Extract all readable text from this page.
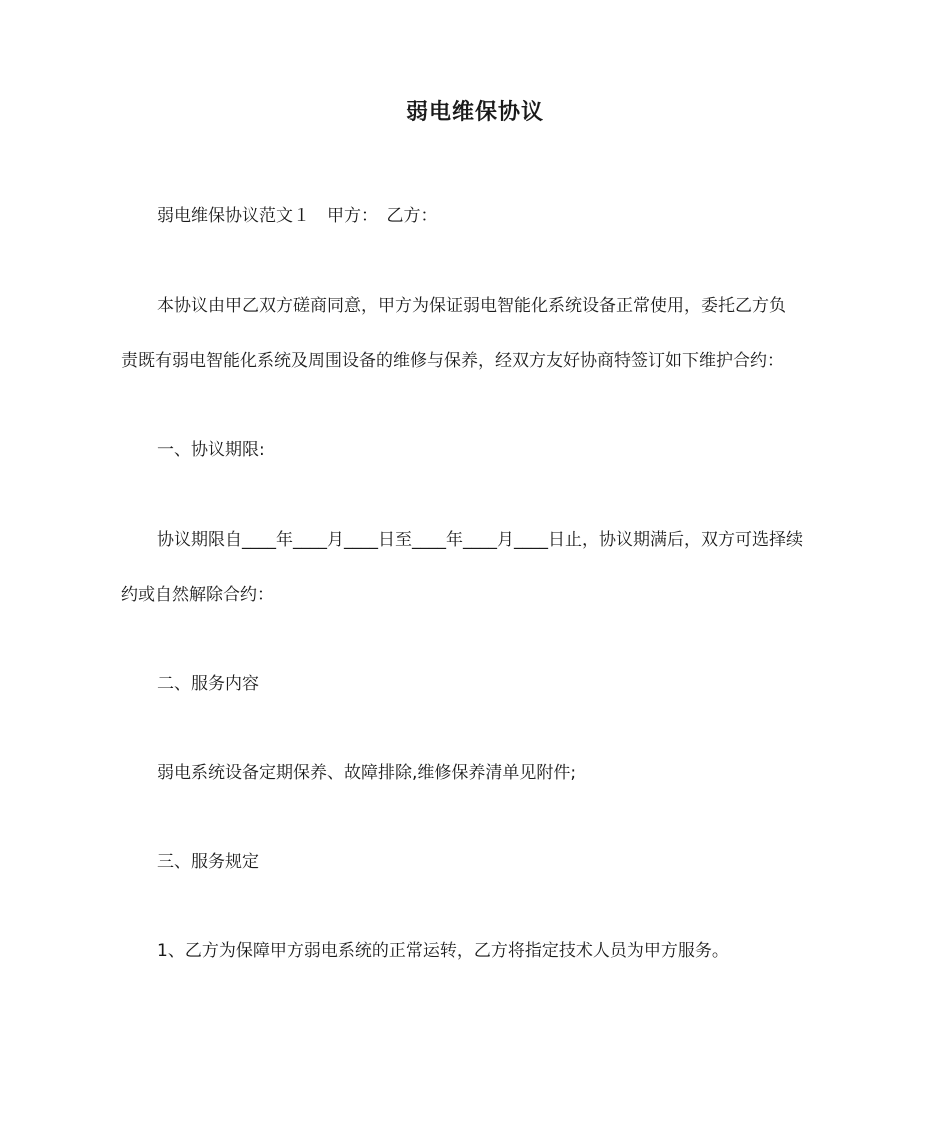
弱电维保协议
弱电维保协议范文１　甲方：　乙方：
本协议由甲乙双方磋商同意，甲方为保证弱电智能化系统设备正常使用，委托乙方负
责既有弱电智能化系统及周围设备的维修与保养，经双方友好协商特签订如下维护合约：
一、协议期限:
协议期限自____年____月____日至____年____月____日止，协议期满后，双方可选择续
约或自然解除合约：
二、服务内容
弱电系统设备定期保养、故障排除,维修保养清单见附件;
三、服务规定
1、乙方为保障甲方弱电系统的正常运转，乙方将指定技术人员为甲方服务。
